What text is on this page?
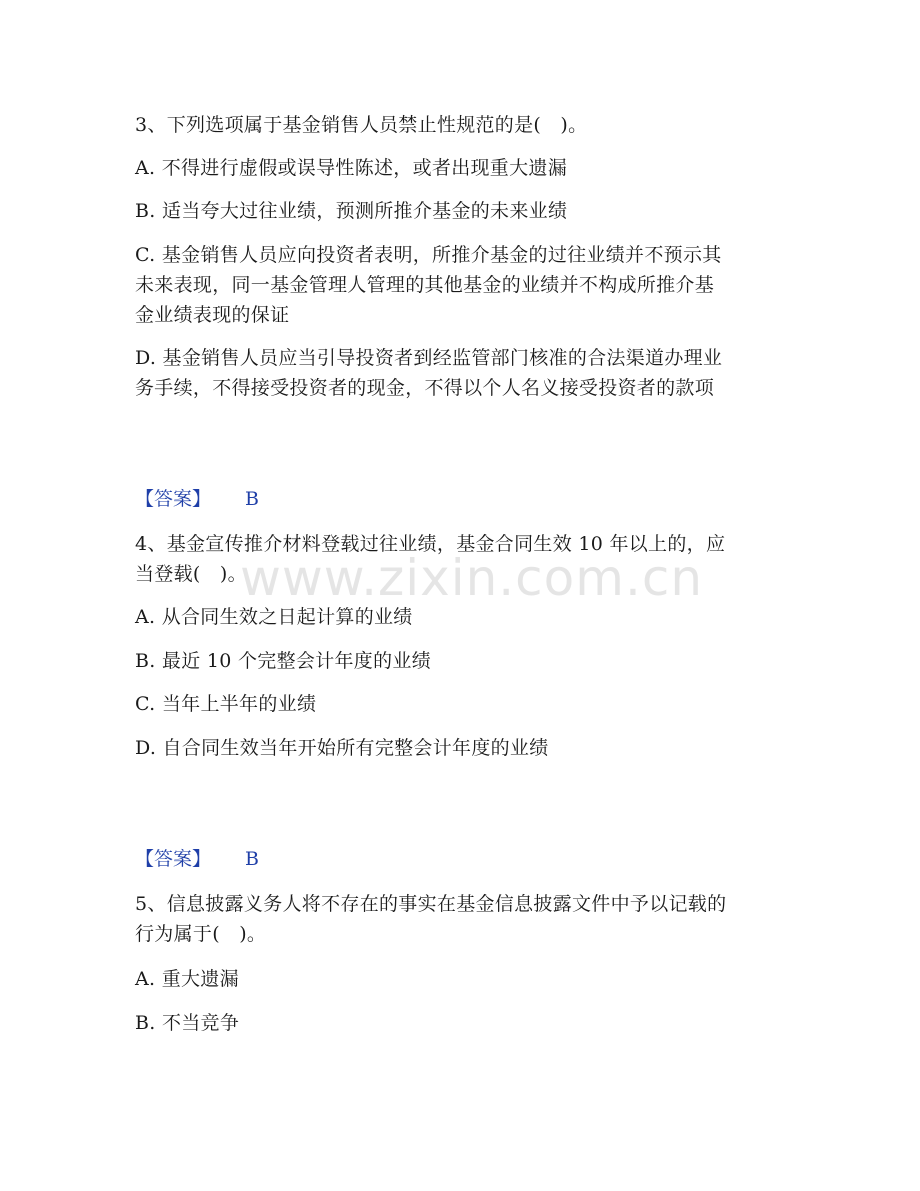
3、下列选项属于基金销售人员禁止性规范的是(　)。
A. 不得进行虚假或误导性陈述，或者出现重大遗漏
B. 适当夸大过往业绩，预测所推介基金的未来业绩
C. 基金销售人员应向投资者表明，所推介基金的过往业绩并不预示其
未来表现，同一基金管理人管理的其他基金的业绩并不构成所推介基
金业绩表现的保证
D. 基金销售人员应当引导投资者到经监管部门核准的合法渠道办理业
务手续，不得接受投资者的现金，不得以个人名义接受投资者的款项
【答案】 B
4、基金宣传推介材料登载过往业绩，基金合同生效 10 年以上的，应
当登载(　)。
A. 从合同生效之日起计算的业绩
B. 最近 10 个完整会计年度的业绩
C. 当年上半年的业绩
D. 自合同生效当年开始所有完整会计年度的业绩
【答案】 B
5、信息披露义务人将不存在的事实在基金信息披露文件中予以记载的
行为属于(　)。
A. 重大遗漏
B. 不当竞争
www.zixin.com.cn
